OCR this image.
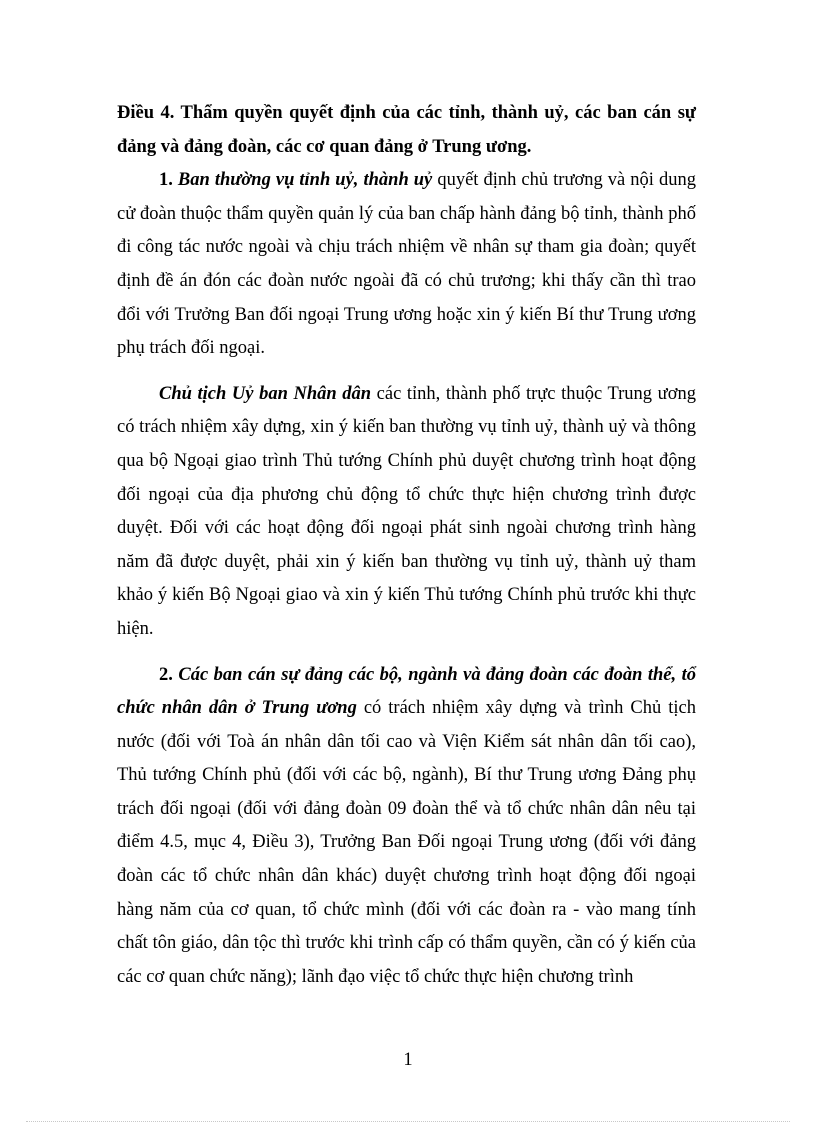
Điều 4. Thẩm quyền quyết định của các tỉnh, thành uỷ, các ban cán sự đảng và đảng đoàn, các cơ quan đảng ở Trung ương.

1. Ban thường vụ tỉnh uỷ, thành uỷ quyết định chủ trương và nội dung cử đoàn thuộc thẩm quyền quản lý của ban chấp hành đảng bộ tỉnh, thành phố đi công tác nước ngoài và chịu trách nhiệm về nhân sự tham gia đoàn; quyết định đề án đón các đoàn nước ngoài đã có chủ trương; khi thấy cần thì trao đổi với Trưởng Ban đối ngoại Trung ương hoặc xin ý kiến Bí thư Trung ương phụ trách đối ngoại.

Chủ tịch Uỷ ban Nhân dân các tỉnh, thành phố trực thuộc Trung ương có trách nhiệm xây dựng, xin ý kiến ban thường vụ tỉnh uỷ, thành uỷ và thông qua bộ Ngoại giao trình Thủ tướng Chính phủ duyệt chương trình hoạt động đối ngoại của địa phương chủ động tổ chức thực hiện chương trình được duyệt. Đối với các hoạt động đối ngoại phát sinh ngoài chương trình hàng năm đã được duyệt, phải xin ý kiến ban thường vụ tỉnh uỷ, thành uỷ tham khảo ý kiến Bộ Ngoại giao và xin ý kiến Thủ tướng Chính phủ trước khi thực hiện.

2. Các ban cán sự đảng các bộ, ngành và đảng đoàn các đoàn thể, tổ chức nhân dân ở Trung ương có trách nhiệm xây dựng và trình Chủ tịch nước (đối với Toà án nhân dân tối cao và Viện Kiểm sát nhân dân tối cao), Thủ tướng Chính phủ (đối với các bộ, ngành), Bí thư Trung ương Đảng phụ trách đối ngoại (đối với đảng đoàn 09 đoàn thể và tổ chức nhân dân nêu tại điểm 4.5, mục 4, Điều 3), Trưởng Ban Đối ngoại Trung ương (đối với đảng đoàn các tổ chức nhân dân khác) duyệt chương trình hoạt động đối ngoại hàng năm của cơ quan, tổ chức mình (đối với các đoàn ra - vào mang tính chất tôn giáo, dân tộc thì trước khi trình cấp có thẩm quyền, cần có ý kiến của các cơ quan chức năng); lãnh đạo việc tổ chức thực hiện chương trình

1
